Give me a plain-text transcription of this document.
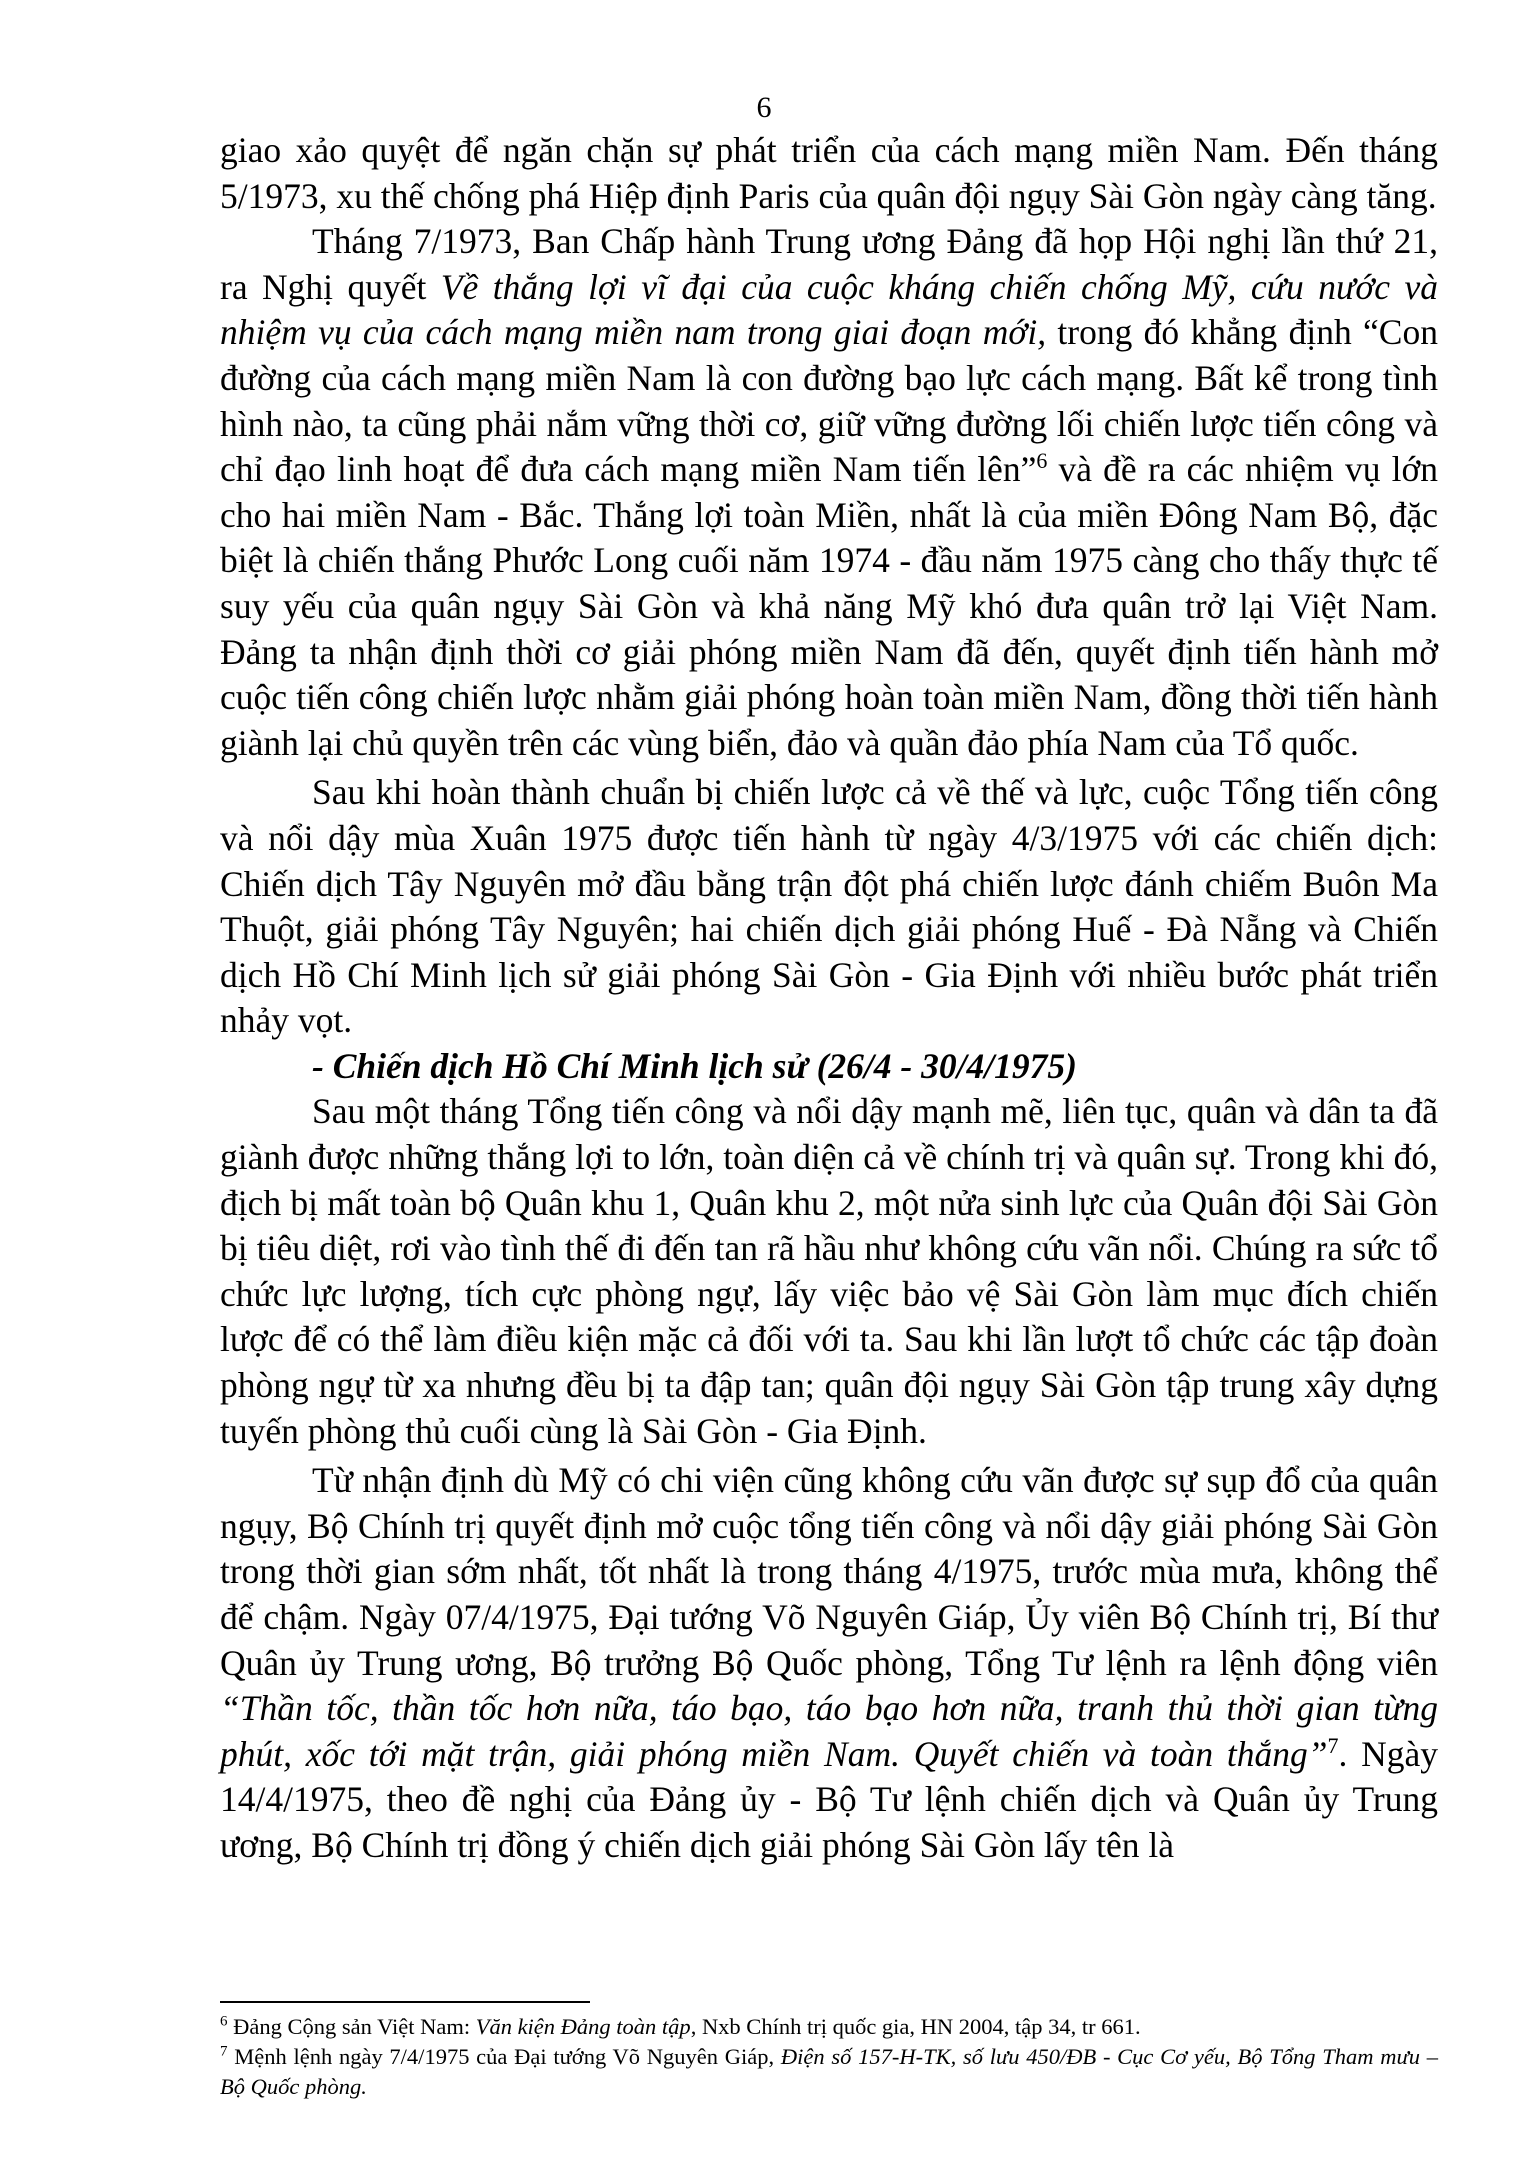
6

giao xảo quyệt để ngăn chặn sự phát triển của cách mạng miền Nam. Đến tháng 5/1973, xu thế chống phá Hiệp định Paris của quân đội ngụy Sài Gòn ngày càng tăng.

Tháng 7/1973, Ban Chấp hành Trung ương Đảng đã họp Hội nghị lần thứ 21, ra Nghị quyết Về thắng lợi vĩ đại của cuộc kháng chiến chống Mỹ, cứu nước và nhiệm vụ của cách mạng miền nam trong giai đoạn mới, trong đó khẳng định “Con đường của cách mạng miền Nam là con đường bạo lực cách mạng. Bất kể trong tình hình nào, ta cũng phải nắm vững thời cơ, giữ vững đường lối chiến lược tiến công và chỉ đạo linh hoạt để đưa cách mạng miền Nam tiến lên”$^6$ và đề ra các nhiệm vụ lớn cho hai miền Nam - Bắc. Thắng lợi toàn Miền, nhất là của miền Đông Nam Bộ, đặc biệt là chiến thắng Phước Long cuối năm 1974 - đầu năm 1975 càng cho thấy thực tế suy yếu của quân ngụy Sài Gòn và khả năng Mỹ khó đưa quân trở lại Việt Nam. Đảng ta nhận định thời cơ giải phóng miền Nam đã đến, quyết định tiến hành mở cuộc tiến công chiến lược nhằm giải phóng hoàn toàn miền Nam, đồng thời tiến hành giành lại chủ quyền trên các vùng biển, đảo và quần đảo phía Nam của Tổ quốc.

Sau khi hoàn thành chuẩn bị chiến lược cả về thế và lực, cuộc Tổng tiến công và nổi dậy mùa Xuân 1975 được tiến hành từ ngày 4/3/1975 với các chiến dịch: Chiến dịch Tây Nguyên mở đầu bằng trận đột phá chiến lược đánh chiếm Buôn Ma Thuột, giải phóng Tây Nguyên; hai chiến dịch giải phóng Huế - Đà Nẵng và Chiến dịch Hồ Chí Minh lịch sử giải phóng Sài Gòn - Gia Định với nhiều bước phát triển nhảy vọt.

- Chiến dịch Hồ Chí Minh lịch sử (26/4 - 30/4/1975)

Sau một tháng Tổng tiến công và nổi dậy mạnh mẽ, liên tục, quân và dân ta đã giành được những thắng lợi to lớn, toàn diện cả về chính trị và quân sự. Trong khi đó, địch bị mất toàn bộ Quân khu 1, Quân khu 2, một nửa sinh lực của Quân đội Sài Gòn bị tiêu diệt, rơi vào tình thế đi đến tan rã hầu như không cứu vãn nổi. Chúng ra sức tổ chức lực lượng, tích cực phòng ngự, lấy việc bảo vệ Sài Gòn làm mục đích chiến lược để có thể làm điều kiện mặc cả đối với ta. Sau khi lần lượt tổ chức các tập đoàn phòng ngự từ xa nhưng đều bị ta đập tan; quân đội ngụy Sài Gòn tập trung xây dựng tuyến phòng thủ cuối cùng là Sài Gòn - Gia Định.

Từ nhận định dù Mỹ có chi viện cũng không cứu vãn được sự sụp đổ của quân ngụy, Bộ Chính trị quyết định mở cuộc tổng tiến công và nổi dậy giải phóng Sài Gòn trong thời gian sớm nhất, tốt nhất là trong tháng 4/1975, trước mùa mưa, không thể để chậm. Ngày 07/4/1975, Đại tướng Võ Nguyên Giáp, Ủy viên Bộ Chính trị, Bí thư Quân ủy Trung ương, Bộ trưởng Bộ Quốc phòng, Tổng Tư lệnh ra lệnh động viên “Thần tốc, thần tốc hơn nữa, táo bạo, táo bạo hơn nữa, tranh thủ thời gian từng phút, xốc tới mặt trận, giải phóng miền Nam. Quyết chiến và toàn thắng”$^7$. Ngày 14/4/1975, theo đề nghị của Đảng ủy - Bộ Tư lệnh chiến dịch và Quân ủy Trung ương, Bộ Chính trị đồng ý chiến dịch giải phóng Sài Gòn lấy tên là

$^6$ Đảng Cộng sản Việt Nam: Văn kiện Đảng toàn tập, Nxb Chính trị quốc gia, HN 2004, tập 34, tr 661.

$^7$ Mệnh lệnh ngày 7/4/1975 của Đại tướng Võ Nguyên Giáp, Điện số 157-H-TK, số lưu 450/ĐB - Cục Cơ yếu, Bộ Tổng Tham mưu – Bộ Quốc phòng.
